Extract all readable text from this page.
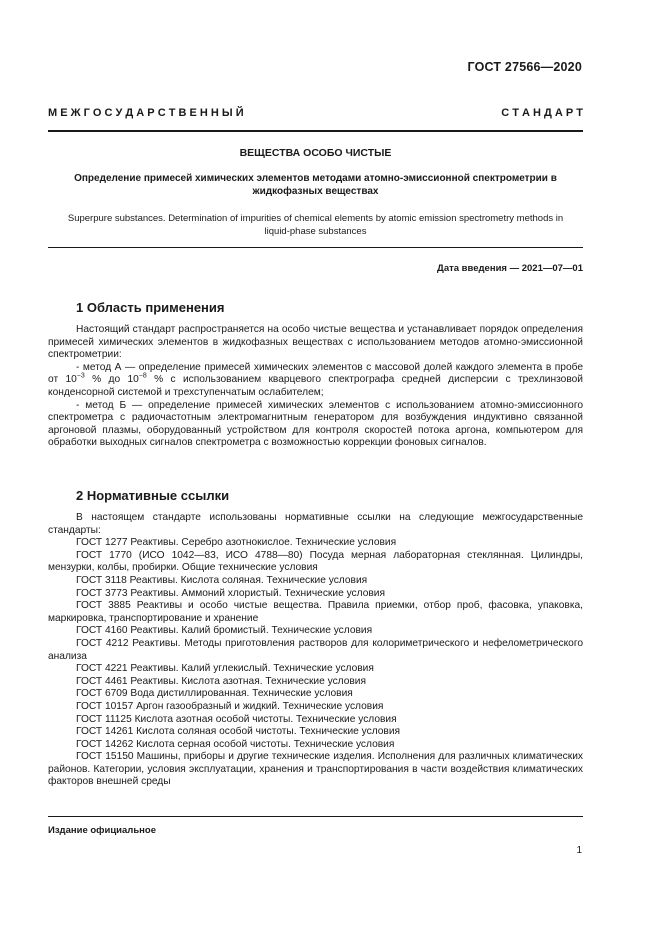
ГОСТ 27566—2020
М Е Ж Г О С У Д А Р С Т В Е Н Н Ы Й	С Т А Н Д А Р Т
ВЕЩЕСТВА ОСОБО ЧИСТЫЕ
Определение примесей химических элементов методами атомно-эмиссионной спектрометрии в жидкофазных веществах
Superpure substances. Determination of impurities of chemical elements by atomic emission spectrometry methods in liquid-phase substances
Дата введения — 2021—07—01
1 Область применения

Настоящий стандарт распространяется на особо чистые вещества и устанавливает порядок определения примесей химических элементов в жидкофазных веществах с использованием методов атомно-эмиссионной спектрометрии:

- метод А — определение примесей химических элементов с массовой долей каждого элемента в пробе от $10^{-3}$ % до $10^{-8}$ % с использованием кварцевого спектрографа средней дисперсии с трехлинзовой конденсорной системой и трехступенчатым ослабителем;

- метод Б — определение примесей химических элементов с использованием атомно-эмиссионного спектрометра с радиочастотным электромагнитным генератором для возбуждения индуктивно связанной аргоновой плазмы, оборудованный устройством для контроля скоростей потока аргона, компьютером для обработки выходных сигналов спектрометра с возможностью коррекции фоновых сигналов.

2 Нормативные ссылки

В настоящем стандарте использованы нормативные ссылки на следующие межгосударственные стандарты:

ГОСТ 1277 Реактивы. Серебро азотнокислое. Технические условия

ГОСТ 1770 (ИСО 1042—83, ИСО 4788—80) Посуда мерная лабораторная стеклянная. Цилиндры, мензурки, колбы, пробирки. Общие технические условия

ГОСТ 3118 Реактивы. Кислота соляная. Технические условия

ГОСТ 3773 Реактивы. Аммоний хлористый. Технические условия

ГОСТ 3885 Реактивы и особо чистые вещества. Правила приемки, отбор проб, фасовка, упаковка, маркировка, транспортирование и хранение

ГОСТ 4160 Реактивы. Калий бромистый. Технические условия

ГОСТ 4212 Реактивы. Методы приготовления растворов для колориметрического и нефелометрического анализа

ГОСТ 4221 Реактивы. Калий углекислый. Технические условия

ГОСТ 4461 Реактивы. Кислота азотная. Технические условия

ГОСТ 6709 Вода дистиллированная. Технические условия

ГОСТ 10157 Аргон газообразный и жидкий. Технические условия

ГОСТ 11125 Кислота азотная особой чистоты. Технические условия

ГОСТ 14261 Кислота соляная особой чистоты. Технические условия

ГОСТ 14262 Кислота серная особой чистоты. Технические условия

ГОСТ 15150 Машины, приборы и другие технические изделия. Исполнения для различных климатических районов. Категории, условия эксплуатации, хранения и транспортирования в части воздействия климатических факторов внешней среды

Издание официальное
1
